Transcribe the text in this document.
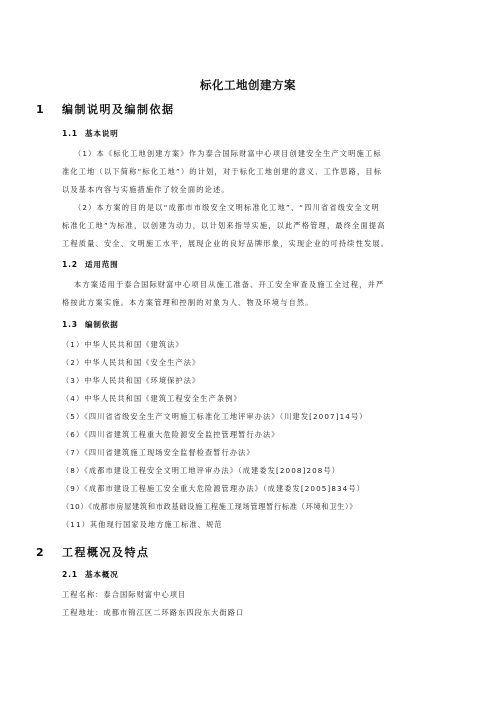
标化工地创建方案
1 编制说明及编制依据
1.1 基本说明
（1）本《标化工地创建方案》作为泰合国际财富中心项目创建安全生产文明施工标
准化工地（以下简称“标化工地”）的计划，对于标化工地创建的意义、工作思路，目标
以及基本内容与实施措施作了较全面的论述。
（2）本方案的目的是以“成都市市级安全文明标准化工地”、“四川省省级安全文明
标准化工地”为标准，以创建为动力，以计划来指导实施，以此严格管理，最终全面提高
工程质量、安全、文明施工水平，展现企业的良好品牌形象，实现企业的可持续性发展。
1.2 适用范围
本方案适用于泰合国际财富中心项目从施工准备、开工安全审查及施工全过程，并严
格按此方案实施。本方案管理和控制的对象为人、物及环境与自然。
1.3 编制依据
（1）中华人民共和国《建筑法》
（2）中华人民共和国《安全生产法》
（3）中华人民共和国《环境保护法》
（4）中华人民共和国《建筑工程安全生产条例》
（5）《四川省省级安全生产文明施工标准化工地评审办法》（川建发[2007]14号）
（6）《四川省建筑工程重大危险源安全监控管理暂行办法》
（7）《四川省建筑施工现场安全监督检查暂行办法》
（8）《成都市建设工程安全文明工地评审办法》（成建委发[2008]208号）
（9）《成都市建设工程施工安全重大危险源管理办法》（成建委发[2005]834号）
（10）《成都市房屋建筑和市政基础设施工程施工现场管理暂行标准（环境和卫生）》
（11）其他现行国家及地方施工标准、规范
2 工程概况及特点
2.1 基本概况
工程名称：泰合国际财富中心项目
工程地址：成都市锦江区二环路东四段东大街路口
